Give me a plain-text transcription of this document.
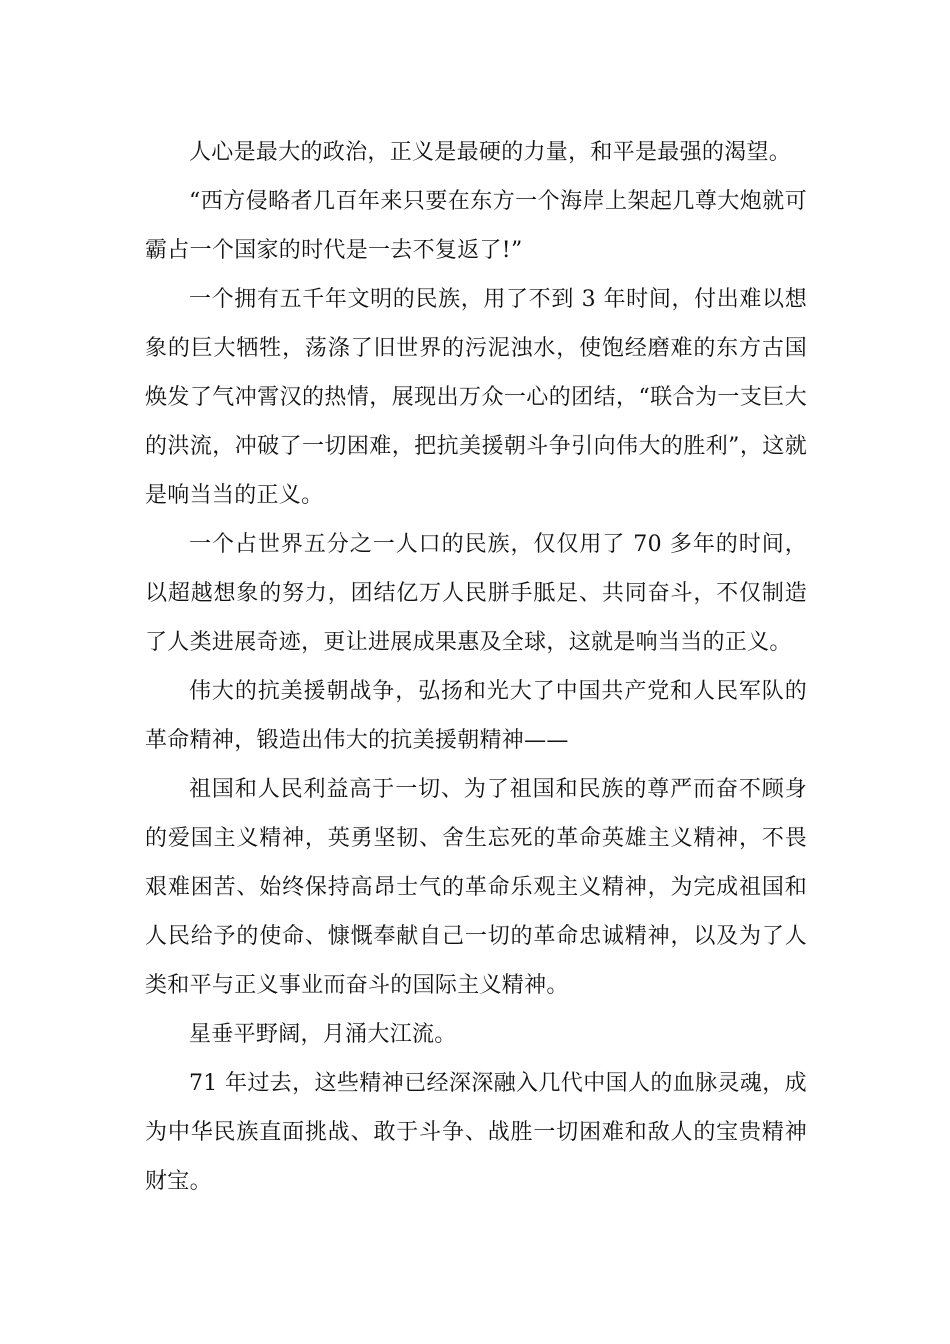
人心是最大的政治，正义是最硬的力量，和平是最强的渴望。

“西方侵略者几百年来只要在东方一个海岸上架起几尊大炮就可霸占一个国家的时代是一去不复返了!”

一个拥有五千年文明的民族，用了不到 3 年时间，付出难以想象的巨大牺牲，荡涤了旧世界的污泥浊水，使饱经磨难的东方古国焕发了气冲霄汉的热情，展现出万众一心的团结，“联合为一支巨大的洪流，冲破了一切困难，把抗美援朝斗争引向伟大的胜利”，这就是响当当的正义。

一个占世界五分之一人口的民族，仅仅用了 70 多年的时间，以超越想象的努力，团结亿万人民胼手胝足、共同奋斗，不仅制造了人类进展奇迹，更让进展成果惠及全球，这就是响当当的正义。

伟大的抗美援朝战争，弘扬和光大了中国共产党和人民军队的革命精神，锻造出伟大的抗美援朝精神——

祖国和人民利益高于一切、为了祖国和民族的尊严而奋不顾身的爱国主义精神，英勇坚韧、舍生忘死的革命英雄主义精神，不畏艰难困苦、始终保持高昂士气的革命乐观主义精神，为完成祖国和人民给予的使命、慷慨奉献自己一切的革命忠诚精神，以及为了人类和平与正义事业而奋斗的国际主义精神。

星垂平野阔，月涌大江流。

71 年过去，这些精神已经深深融入几代中国人的血脉灵魂，成为中华民族直面挑战、敢于斗争、战胜一切困难和敌人的宝贵精神财宝。
